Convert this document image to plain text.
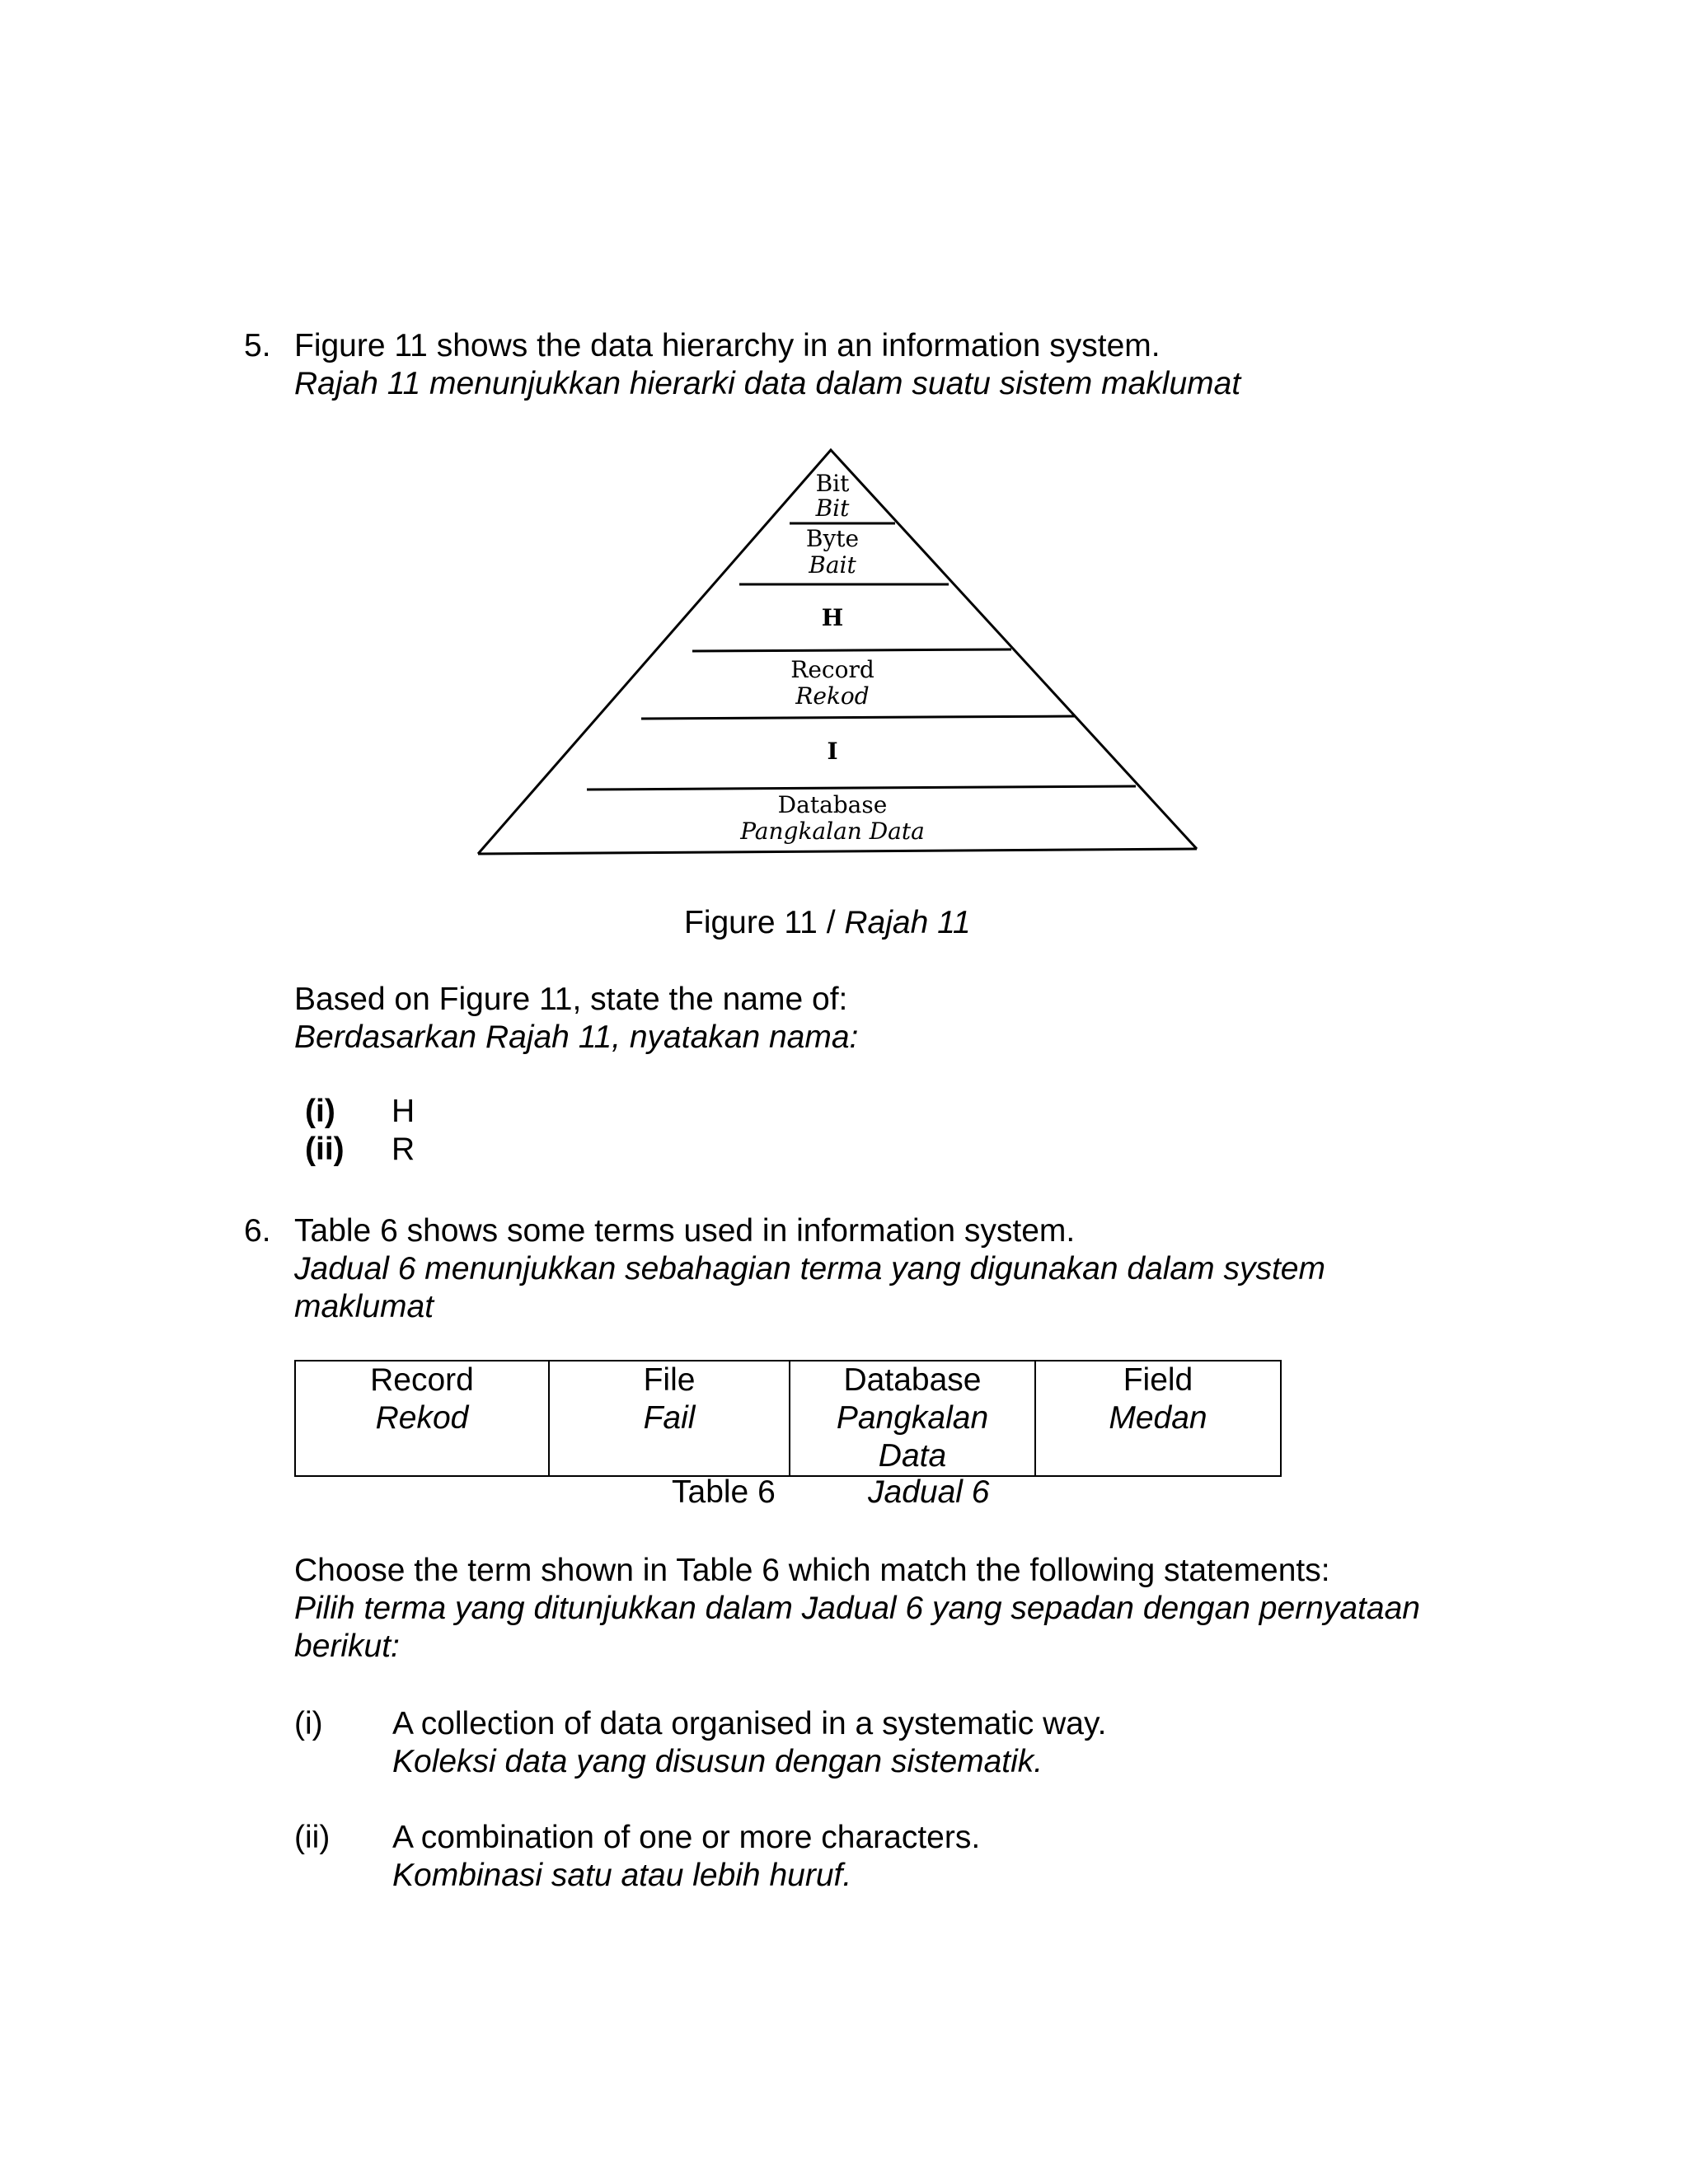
5. Figure 11 shows the data hierarchy in an information system.
Rajah 11 menunjukkan hierarki data dalam suatu sistem maklumat
Bit
Bit
Byte
Bait
H
Record
Rekod
I
Database
Pangkalan Data
Figure 11 / Rajah 11
Based on Figure 11, state the name of:
Berdasarkan Rajah 11, nyatakan nama:
(i) H
(ii) R
6. Table 6 shows some terms used in information system.
Jadual 6 menunjukkan sebahagian terma yang digunakan dalam system
maklumat
Record
Rekod

File
Fail

Database
Pangkalan
Data

Field
Medan
Table 6	Jadual 6
Choose the term shown in Table 6 which match the following statements:
Pilih terma yang ditunjukkan dalam Jadual 6 yang sepadan dengan pernyataan
berikut:
(i) A collection of data organised in a systematic way.
Koleksi data yang disusun dengan sistematik.
(ii) A combination of one or more characters.
Kombinasi satu atau lebih huruf.
